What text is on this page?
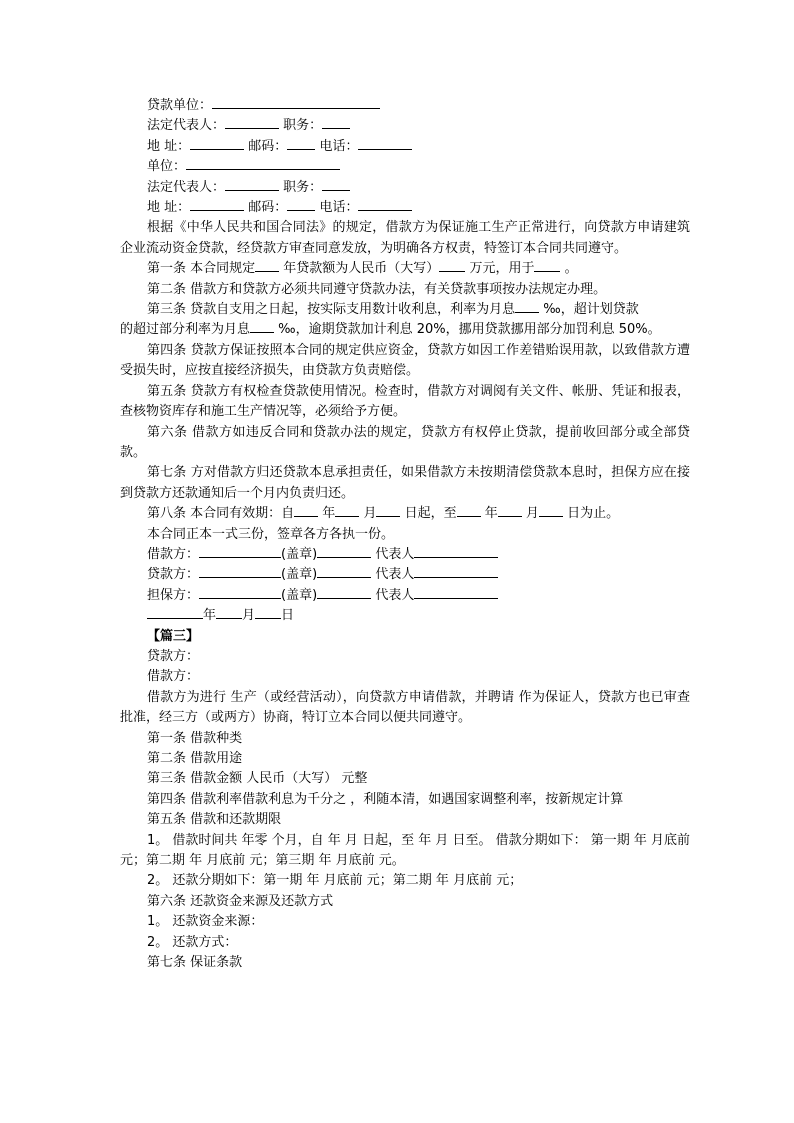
贷款单位：
法定代表人：	职务：
地 址：	邮码： 电话：
单位：
法定代表人：	职务：
地 址：	邮码： 电话：
根据《中华人民共和国合同法》的规定，借款方为保证施工生产正常进行，向贷款方申请建筑企业流动资金贷款，经贷款方审查同意发放，为明确各方权责，特签订本合同共同遵守。
第一条 本合同规定 年贷款额为人民币（大写） 万元，用于 。
第二条 借款方和贷款方必须共同遵守贷款办法，有关贷款事项按办法规定办理。
第三条 贷款自支用之日起，按实际支用数计收利息，利率为月息 ‰，超计划贷款
的超过部分利率为月息 ‰，逾期贷款加计利息 20%，挪用贷款挪用部分加罚利息 50%。
第四条 贷款方保证按照本合同的规定供应资金，贷款方如因工作差错贻误用款，以致借款方遭受损失时，应按直接经济损失，由贷款方负责赔偿。
第五条 贷款方有权检查贷款使用情况。检查时，借款方对调阅有关文件、帐册、凭证和报表，查核物资库存和施工生产情况等，必须给予方便。
第六条 借款方如违反合同和贷款办法的规定，贷款方有权停止贷款，提前收回部分或全部贷款。
第七条 方对借款方归还贷款本息承担责任，如果借款方未按期清偿贷款本息时，担保方应在接到贷款方还款通知后一个月内负责归还。
第八条 本合同有效期：自 年 月 日起，至 年 月 日为止。
本合同正本一式三份，签章各方各执一份。
借款方：	(盖章)	代表人
贷款方：	(盖章)	代表人
担保方：	(盖章)	代表人
年 月 日
【篇三】
贷款方：
借款方：
借款方为进行 生产（或经营活动），向贷款方申请借款，并聘请 作为保证人，贷款方也已审查批准，经三方（或两方）协商，特订立本合同以便共同遵守。
第一条 借款种类
第二条 借款用途
第三条 借款金额 人民币（大写） 元整
第四条 借款利率借款利息为千分之 ，利随本清，如遇国家调整利率，按新规定计算
第五条 借款和还款期限
1。 借款时间共 年零 个月，自 年 月 日起，至 年 月 日至。 借款分期如下： 第一期 年 月底前 元；第二期 年 月底前 元；第三期 年 月底前 元。
2。 还款分期如下：第一期 年 月底前 元；第二期 年 月底前 元；
第六条 还款资金来源及还款方式
1。 还款资金来源：
2。 还款方式：
第七条 保证条款
